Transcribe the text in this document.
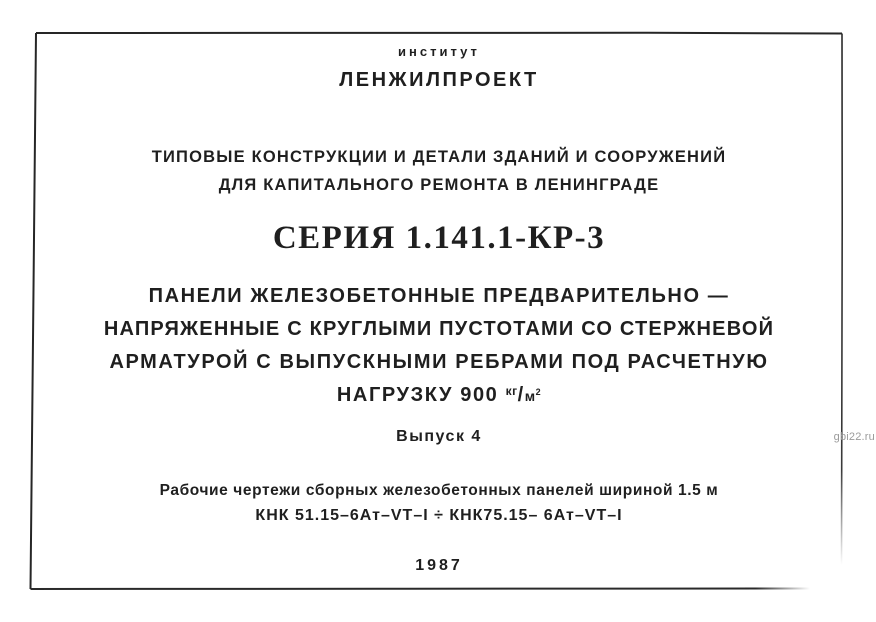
институт
ЛЕНЖИЛПРОЕКТ
ТИПОВЫЕ КОНСТРУКЦИИ И ДЕТАЛИ ЗДАНИЙ И СООРУЖЕНИЙ
ДЛЯ КАПИТАЛЬНОГО РЕМОНТА В ЛЕНИНГРАДЕ
СЕРИЯ 1.141.1-КР-3
ПАНЕЛИ ЖЕЛЕЗОБЕТОННЫЕ ПРЕДВАРИТЕЛЬНО —
НАПРЯЖЕННЫЕ С КРУГЛЫМИ ПУСТОТАМИ СО СТЕРЖНЕВОЙ
АРМАТУРОЙ С ВЫПУСКНЫМИ РЕБРАМИ ПОД РАСЧЕТНУЮ
НАГРУЗКУ 900 $^{кг}/м^2$
Выпуск 4
Рабочие чертежи сборных железобетонных панелей шириной 1.5 м
КНК 51.15–6Ат–VT–I ÷ КНК75.15– 6Ат–VT–I
1987
gbi22.ru
